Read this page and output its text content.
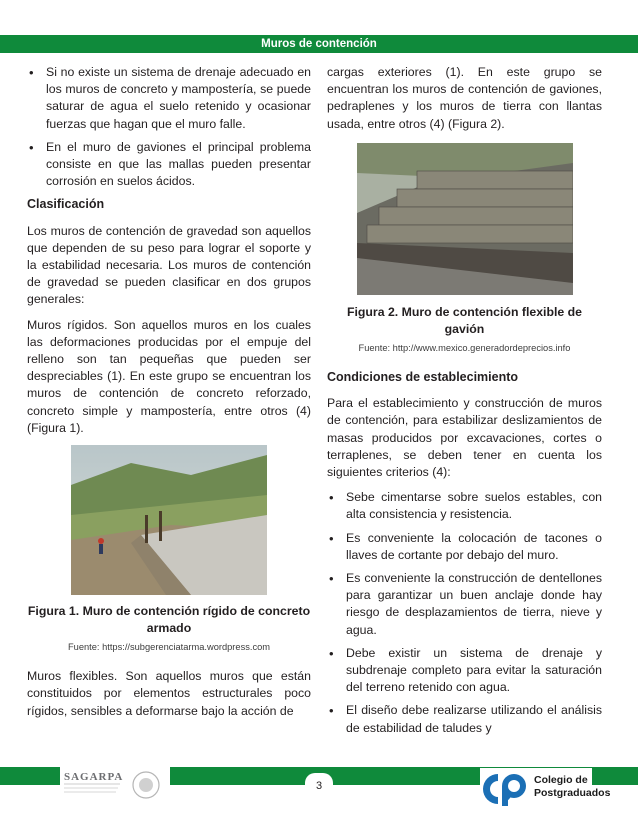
Muros de contención
• Si no existe un sistema de drenaje adecuado en los muros de concreto y mampostería, se puede saturar de agua el suelo retenido y ocasionar fuerzas que hagan que el muro falle.
• En el muro de gaviones el principal problema consiste en que las mallas pueden presentar corrosión en suelos ácidos.
Clasificación

Los muros de contención de gravedad son aquellos que dependen de su peso para lograr el soporte y la estabilidad necesaria. Los muros de contención de gravedad se pueden clasificar en dos grupos generales:

Muros rígidos. Son aquellos muros en los cuales las deformaciones producidas por el empuje del relleno son tan pequeñas que pueden ser despreciables (1). En este grupo se encuentran los muros de contención de concreto reforzado, concreto simple y mampostería, entre otros (4) (Figura 1).

Figura 1. Muro de contención rígido de concreto armado
Fuente: https://subgerenciatarma.wordpress.com

Muros flexibles. Son aquellos muros que están constituidos por elementos estructurales poco rígidos, sensibles a deformarse bajo la acción de

cargas exteriores (1). En este grupo se encuentran los muros de contención de gaviones, pedraplenes y los muros de tierra con llantas usada, entre otros (4) (Figura 2).

Figura 2. Muro de contención flexible de gavión
Fuente: http://www.mexico.generadordeprecios.info
Condiciones de establecimiento

Para el establecimiento y construcción de muros de contención, para estabilizar deslizamientos de masas producidos por excavaciones, cortes o terraplenes, se deben tener en cuenta los siguientes criterios (4):

• Sebe cimentarse sobre suelos estables, con alta consistencia y resistencia.
• Es conveniente la colocación de tacones o llaves de cortante por debajo del muro.
• Es conveniente la construcción de dentellones para garantizar un buen anclaje donde hay riesgo de desplazamientos de tierra, nieve y agua.
• Debe existir un sistema de drenaje y subdrenaje completo para evitar la saturación del terreno retenido con agua.
• El diseño debe realizarse utilizando el análisis de estabilidad de taludes y
SAGARPA
3	Colegio de Postgraduados
